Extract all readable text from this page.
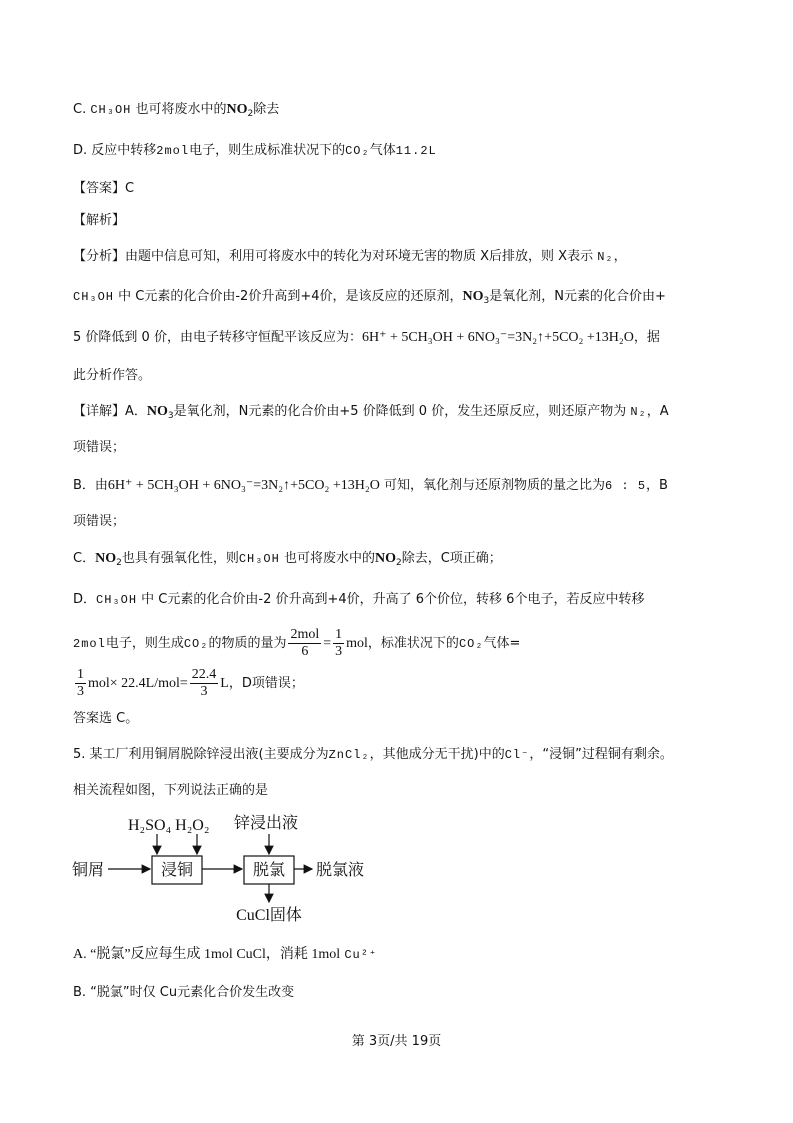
C. CH₃OH 也可将废水中的$NO_2$除去
D. 反应中转移2mol电子，则生成标准状况下的CO₂气体11.2L
【答案】C
【解析】
【分析】由题中信息可知，利用可将废水中的转化为对环境无害的物质 X后排放，则 X表示 N₂，
CH₃OH 中 C元素的化合价由-2价升高到+4价，是该反应的还原剂，$NO_3$是氧化剂，N元素的化合价由+
5 价降低到 0 价，由电子转移守恒配平该反应为：6H⁺ + 5CH₃OH + 6NO₃⁻=3N₂↑+5CO₂ +13H₂O，据
此分析作答。
【详解】A．$NO_3$是氧化剂，N元素的化合价由+5 价降低到 0 价，发生还原反应，则还原产物为 N₂，A
项错误；
B．由6H⁺ + 5CH₃OH + 6NO₃⁻=3N₂↑+5CO₂ +13H₂O 可知，氧化剂与还原剂物质的量之比为6 : 5，B
项错误；
C．$NO_2$也具有强氧化性，则CH₃OH 也可将废水中的$NO_2$除去，C项正确；
D．CH₃OH 中 C元素的化合价由-2 价升高到+4价，升高了 6个价位，转移 6个电子，若反应中转移
2mol电子，则生成CO₂的物质的量为 $\frac{\text{2mol}}{6} = \frac{1}{3}$ mol，标准状况下的CO₂气体=
$\frac{1}{3} mol\times 22.4L/mol= \frac{22.4}{3}$ L，D项错误；
答案选 C。
5. 某工厂利用铜屑脱除锌浸出液(主要成分为ZnCl₂，其他成分无干扰)中的Cl⁻，“浸铜”过程铜有剩余。
相关流程如图，下列说法正确的是
铜屑	浸铜
H₂SO₄ H₂O₂
脱氯
锌浸出液
脱氯液
CuCl固体
A. “脱氯”反应每生成 1mol CuCl，消耗 1mol Cu²⁺
B. “脱氯”时仅 Cu元素化合价发生改变
第 3页/共 19页
